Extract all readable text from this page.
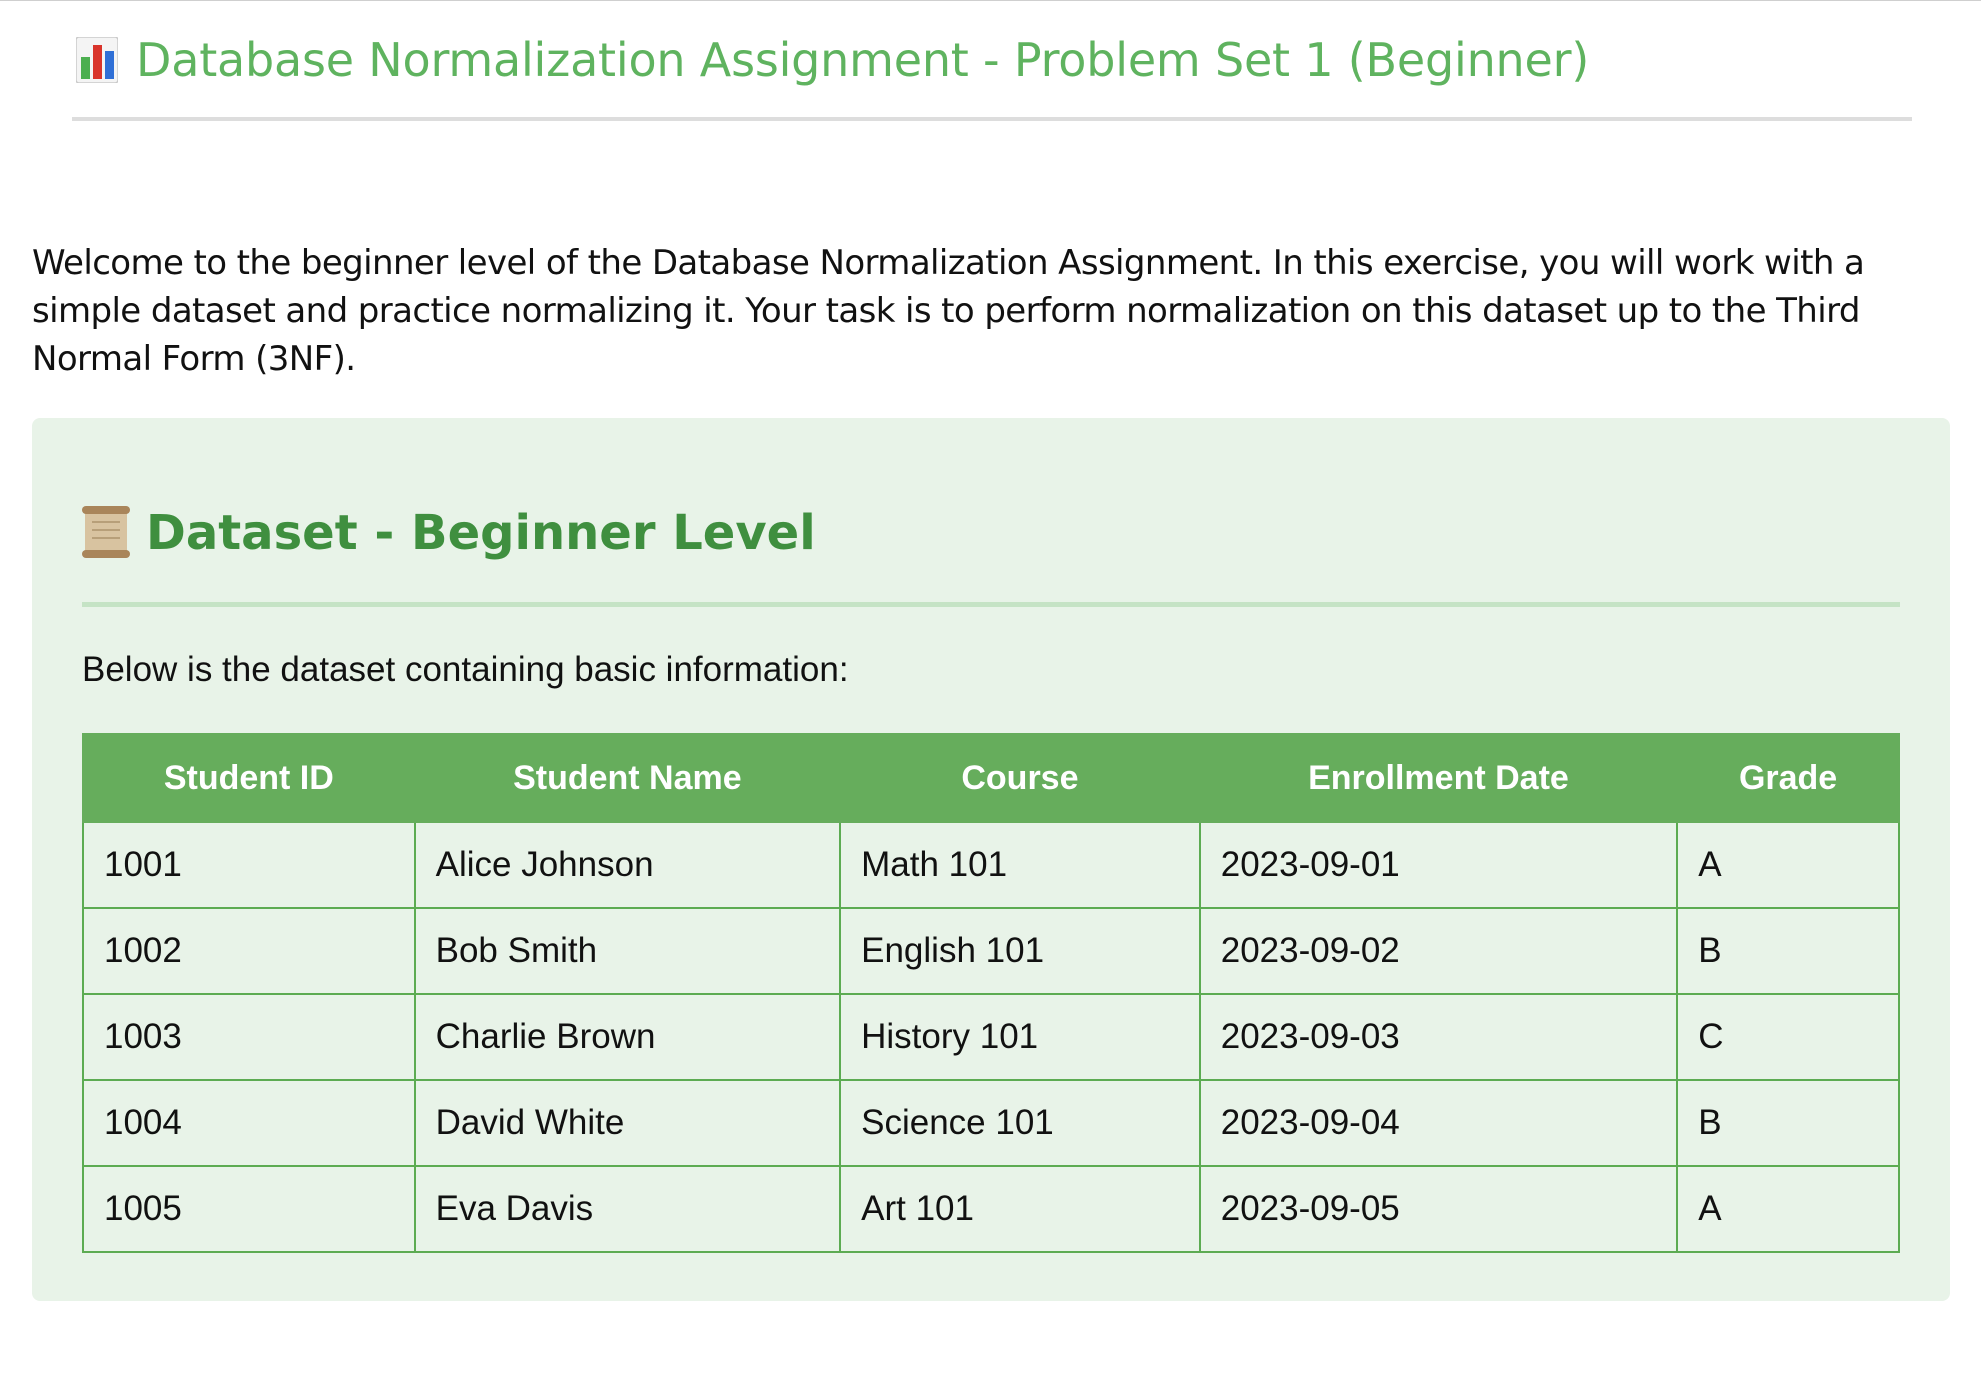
Database Normalization Assignment - Problem Set 1 (Beginner)

Welcome to the beginner level of the Database Normalization Assignment. In this exercise, you will work with a simple dataset and practice normalizing it. Your task is to perform normalization on this dataset up to the Third Normal Form (3NF).

Dataset - Beginner Level

Below is the dataset containing basic information:

Student ID	Student Name	Course	Enrollment Date	Grade
1001	Alice Johnson	Math 101	2023-09-01	A
1002	Bob Smith	English 101	2023-09-02	B
1003	Charlie Brown	History 101	2023-09-03	C
1004	David White	Science 101	2023-09-04	B
1005	Eva Davis	Art 101	2023-09-05	A
